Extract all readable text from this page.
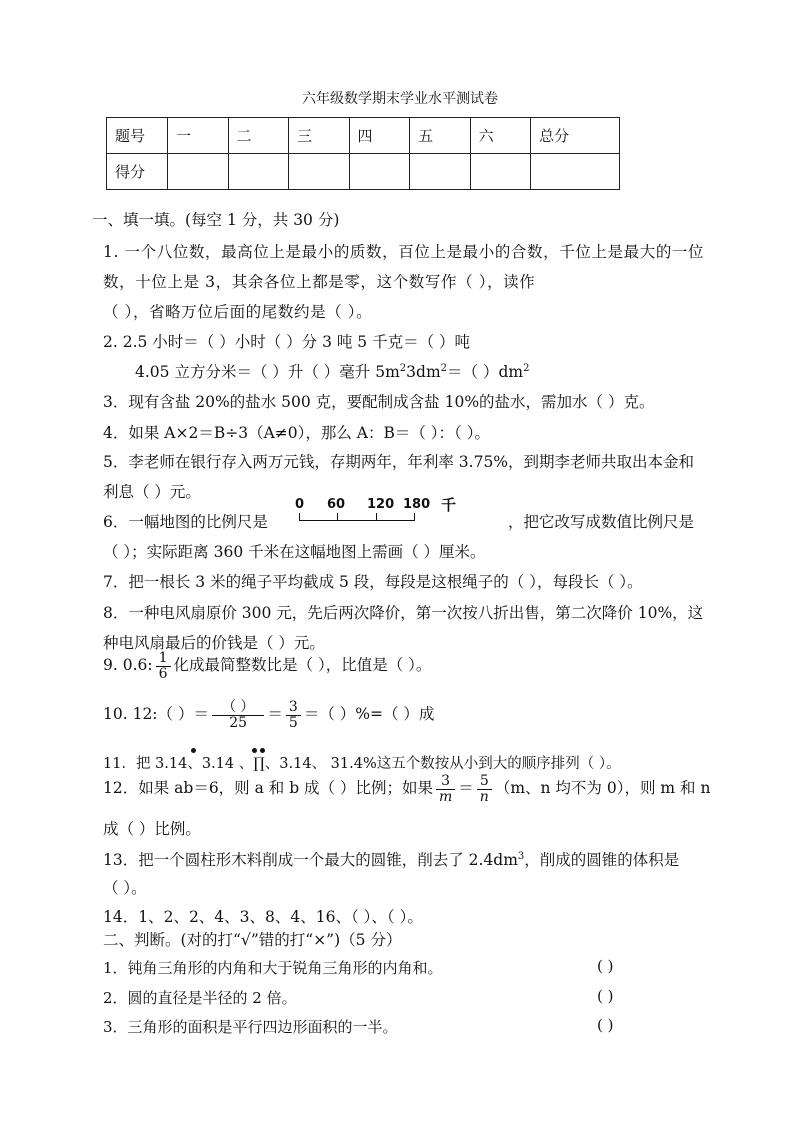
六年级数学期末学业水平测试卷
题号	一	二	三	四	五	六	总分
得分							
一、填一填。(每空 1 分，共 30 分)
1. 一个八位数，最高位上是最小的质数，百位上是最小的合数，千位上是最大的一位
数，十位上是 3，其余各位上都是零，这个数写作（ ），读作
（ ），省略万位后面的尾数约是（ ）。
2. 2.5 小时＝（ ）小时（ ）分 3 吨 5 千克＝（ ）吨
4.05 立方分米＝（ ）升（ ）毫升 $5m^23dm^2=$（ ）$dm^2$
3．现有含盐 20%的盐水 500 克，要配制成含盐 10%的盐水，需加水（ ）克。
4．如果 A×2＝B÷3（A≠0），那么 A：B＝（ ）：（ ）。
5．李老师在银行存入两万元钱，存期两年，年利率 3.75%，到期李老师共取出本金和
利息（ ）元。
6．一幅地图的比例尺是
0 60 120 180 千
，把它改写成数值比例尺是
（ ）；实际距离 360 千米在这幅地图上需画（ ）厘米。
7．把一根长 3 米的绳子平均截成 5 段，每段是这根绳子的（ ），每段长（ ）。
8．一种电风扇原价 300 元，先后两次降价，第一次按八折出售，第二次降价 10%，这
种电风扇最后的价钱是（ ）元。
9. 0.6: $\frac{1}{6}$ 化成最简整数比是（ ），比值是（ ）。
10. 12:（ ）＝ $\frac{( )}{25} = \frac{3}{5}$ ＝（ ）%=（ ）成
11．把 3.14、3.14 、∏、3.14、 31.4%这五个数按从小到大的顺序排列（ ）。
12．如果 ab＝6，则 a 和 b 成（ ）比例；如果 $\frac{3}{m} = \frac{5}{n} (m$、n 均不为 0），则 m 和 n
成（ ）比例。
13．把一个圆柱形木料削成一个最大的圆锥，削去了 $2.4dm^3$，削成的圆锥的体积是
（ ）。
14．1、2、2、4、3、8、4、16、（ ）、（ ）。
二、判断。(对的打“√”错的打“×”)（5 分）
1．钝角三角形的内角和大于锐角三角形的内角和。	( )
2．圆的直径是半径的 2 倍。	( )
3．三角形的面积是平行四边形面积的一半。	( )
